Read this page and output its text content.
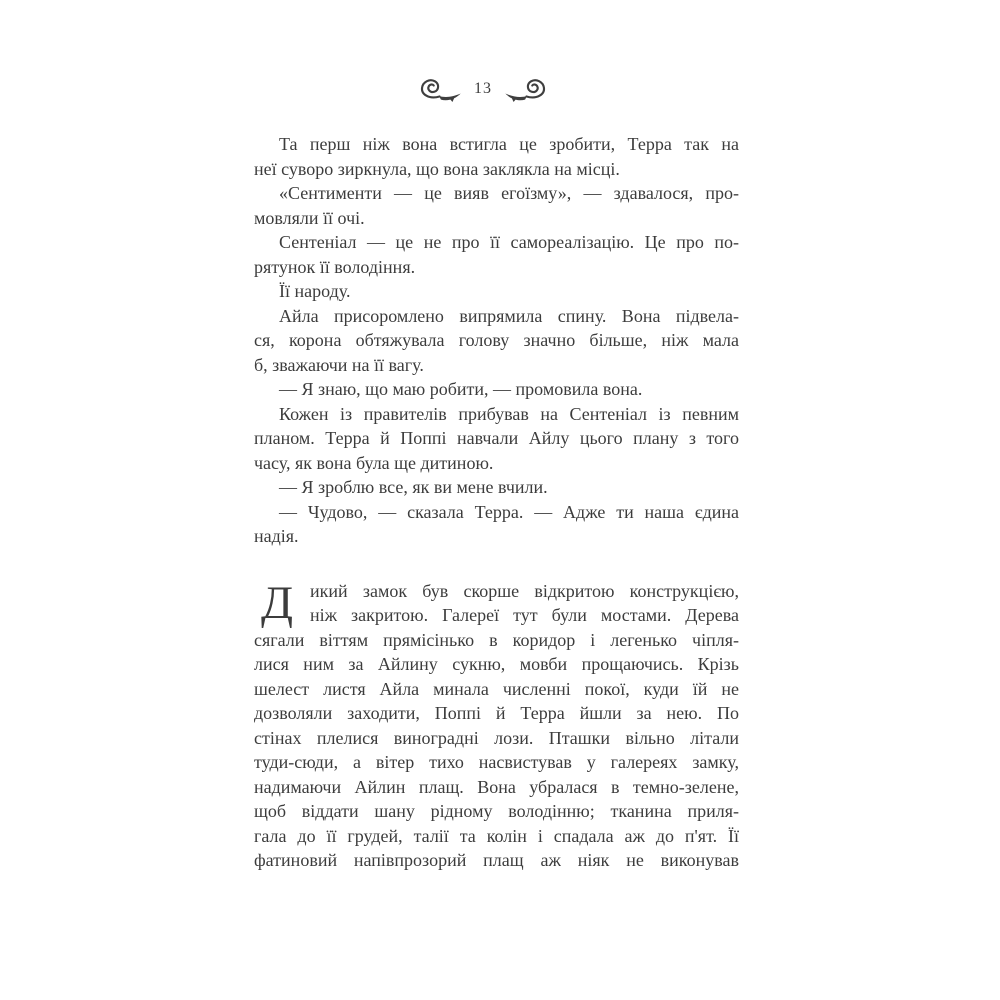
13
Та перш ніж вона встигла це зробити, Терра так на
неї суворо зиркнула, що вона заклякла на місці.
«Сентименти — це вияв егоїзму», — здавалося, про-
мовляли її очі.
Сентеніал — це не про її самореалізацію. Це про по-
рятунок її володіння.
Її народу.
Айла присоромлено випрямила спину. Вона підвела-
ся, корона обтяжувала голову значно більше, ніж мала
б, зважаючи на її вагу.
— Я знаю, що маю робити, — промовила вона.
Кожен із правителів прибував на Сентеніал із певним
планом. Терра й Поппі навчали Айлу цього плану з того
часу, як вона була ще дитиною.
— Я зроблю все, як ви мене вчили.
— Чудово, — сказала Терра. — Адже ти наша єдина
надія.
Д икий замок був скорше відкритою конструкцією,
ніж закритою. Галереї тут були мостами. Дерева
сягали віттям прямісінько в коридор і легенько чіпля-
лися ним за Айлину сукню, мовби прощаючись. Крізь
шелест листя Айла минала численні покої, куди їй не
дозволяли заходити, Поппі й Терра йшли за нею. По
стінах плелися виноградні лози. Пташки вільно літали
туди-сюди, а вітер тихо насвистував у галереях замку,
надимаючи Айлин плащ. Вона убралася в темно-зелене,
щоб віддати шану рідному володінню; тканина приля-
гала до її грудей, талії та колін і спадала аж до п'ят. Її
фатиновий напівпрозорий плащ аж ніяк не виконував
